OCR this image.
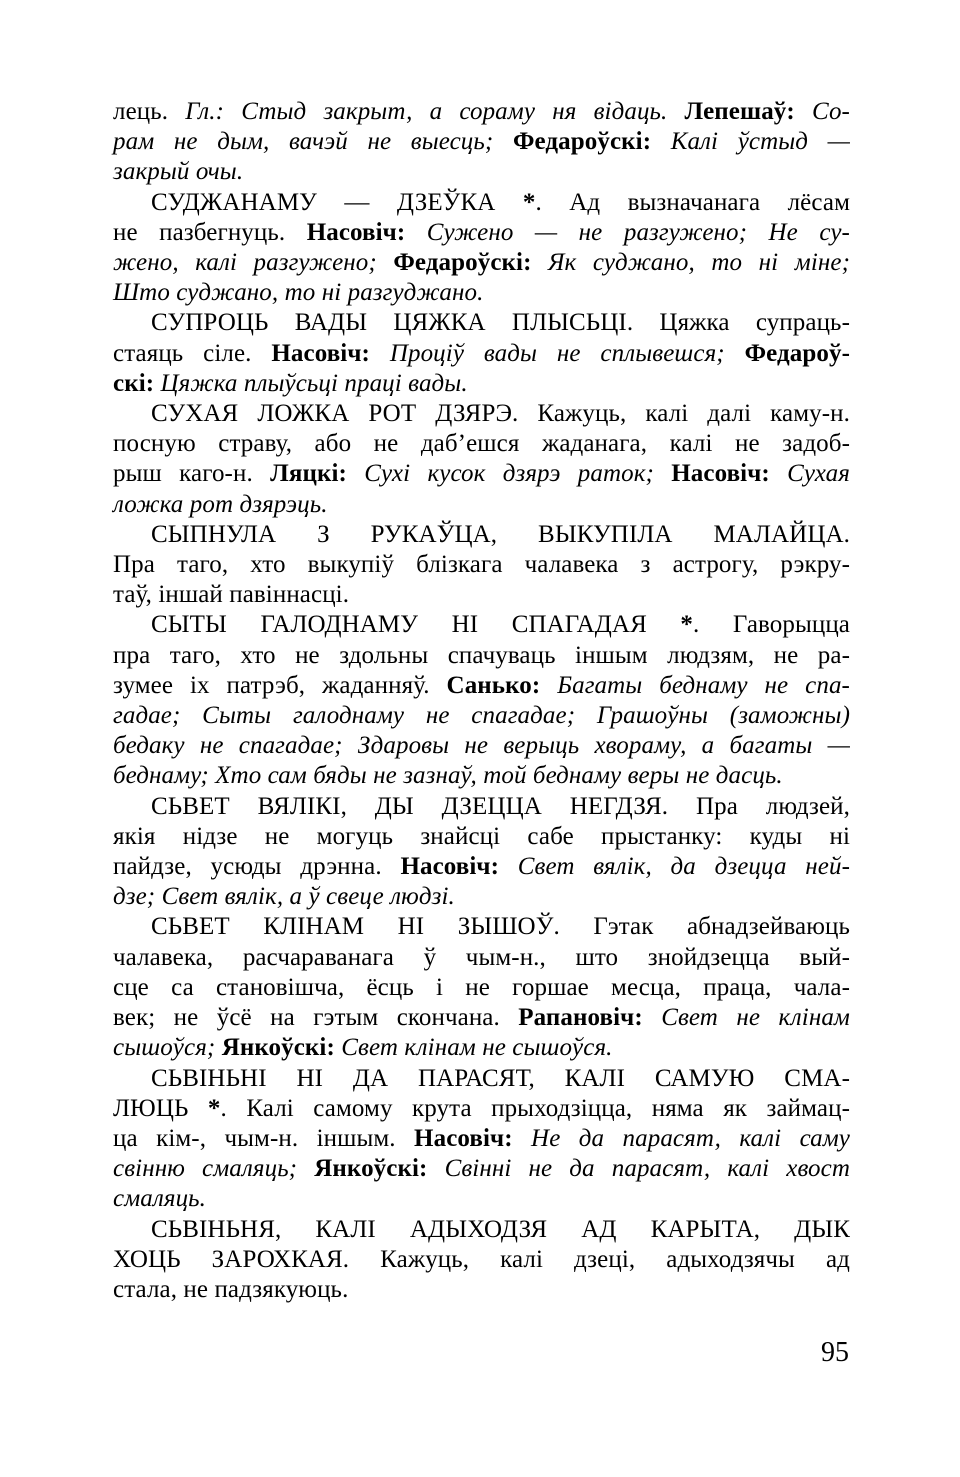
лець. Гл.: Стыд закрыт, а сораму ня відаць. Лепешаў: Со-
рам не дым, вачэй не выесць; Федароўскі: Калі ўстыд —
закрый очы.
СУДЖАНАМУ — ДЗЕЎКА *. Ад вызначанага лёсам
не пазбегнуць. Насовіч: Сужено — не разгужено; Не су-
жено, калі разгужено; Федароўскі: Як суджано, то ні міне;
Што суджано, то ні разгуджано.
СУПРОЦЬ ВАДЫ ЦЯЖКА ПЛЫСЬЦІ. Цяжка супраць-
стаяць сіле. Насовіч: Проціў вады не сплывешся; Федароў-
скі: Цяжка плыўсьці праці вады.
СУХАЯ ЛОЖКА РОТ ДЗЯРЭ. Кажуць, калі далі каму-н.
посную страву, або не даб’ешся жаданага, калі не задоб-
рыш каго-н. Ляцкі: Сухі кусок дзярэ раток; Насовіч: Сухая
ложка рот дзярэць.
СЫПНУЛА З РУКАЎЦА, ВЫКУПІЛА МАЛАЙЦА.
Пра таго, хто выкупіў блізкага чалавека з астрогу, рэкру-
таў, іншай павіннасці.
СЫТЫ ГАЛОДНАМУ НІ СПАГАДАЯ *. Гаворыцца
пра таго, хто не здольны спачуваць іншым людзям, не ра-
зумее іх патрэб, жаданняў. Санько: Багаты беднаму не спа-
гадае; Сыты галоднаму не спагадае; Грашоўны (заможны)
бедаку не спагадае; Здаровы не верыць хвораму, а багаты —
беднаму; Хто сам бяды не зазнаў, той беднаму веры не дасць.
СЬВЕТ ВЯЛІКІ, ДЫ ДЗЕЦЦА НЕГДЗЯ. Пра людзей,
якія нідзе не могуць знайсці сабе прыстанку: куды ні
пайдзе, усюды дрэнна. Насовіч: Свет вялік, да дзецца ней-
дзе; Свет вялік, а ў свеце людзі.
СЬВЕТ КЛІНАМ НІ ЗЫШОЎ. Гэтак абнадзейваюць
чалавека, расчараванага ў чым-н., што знойдзецца вый-
сце са становішча, ёсць і не горшае месца, праца, чала-
век; не ўсё на гэтым скончана. Рапановіч: Свет не клінам
сышоўся; Янкоўскі: Свет клінам не сышоўся.
СЬВІНЬНІ НІ ДА ПАРАСЯТ, КАЛІ САМУЮ СМА-
ЛЮЦЬ *. Калі самому крута прыходзіцца, няма як займац-
ца кім-, чым-н. іншым. Насовіч: Не да парасят, калі саму
свінню смаляць; Янкоўскі: Свінні не да парасят, калі хвост
смаляць.
СЬВІНЬНЯ, КАЛІ АДЫХОДЗЯ АД КАРЫТА, ДЫК
ХОЦЬ ЗАРОХКАЯ. Кажуць, калі дзеці, адыходзячы ад
стала, не падзякуюць.
95
